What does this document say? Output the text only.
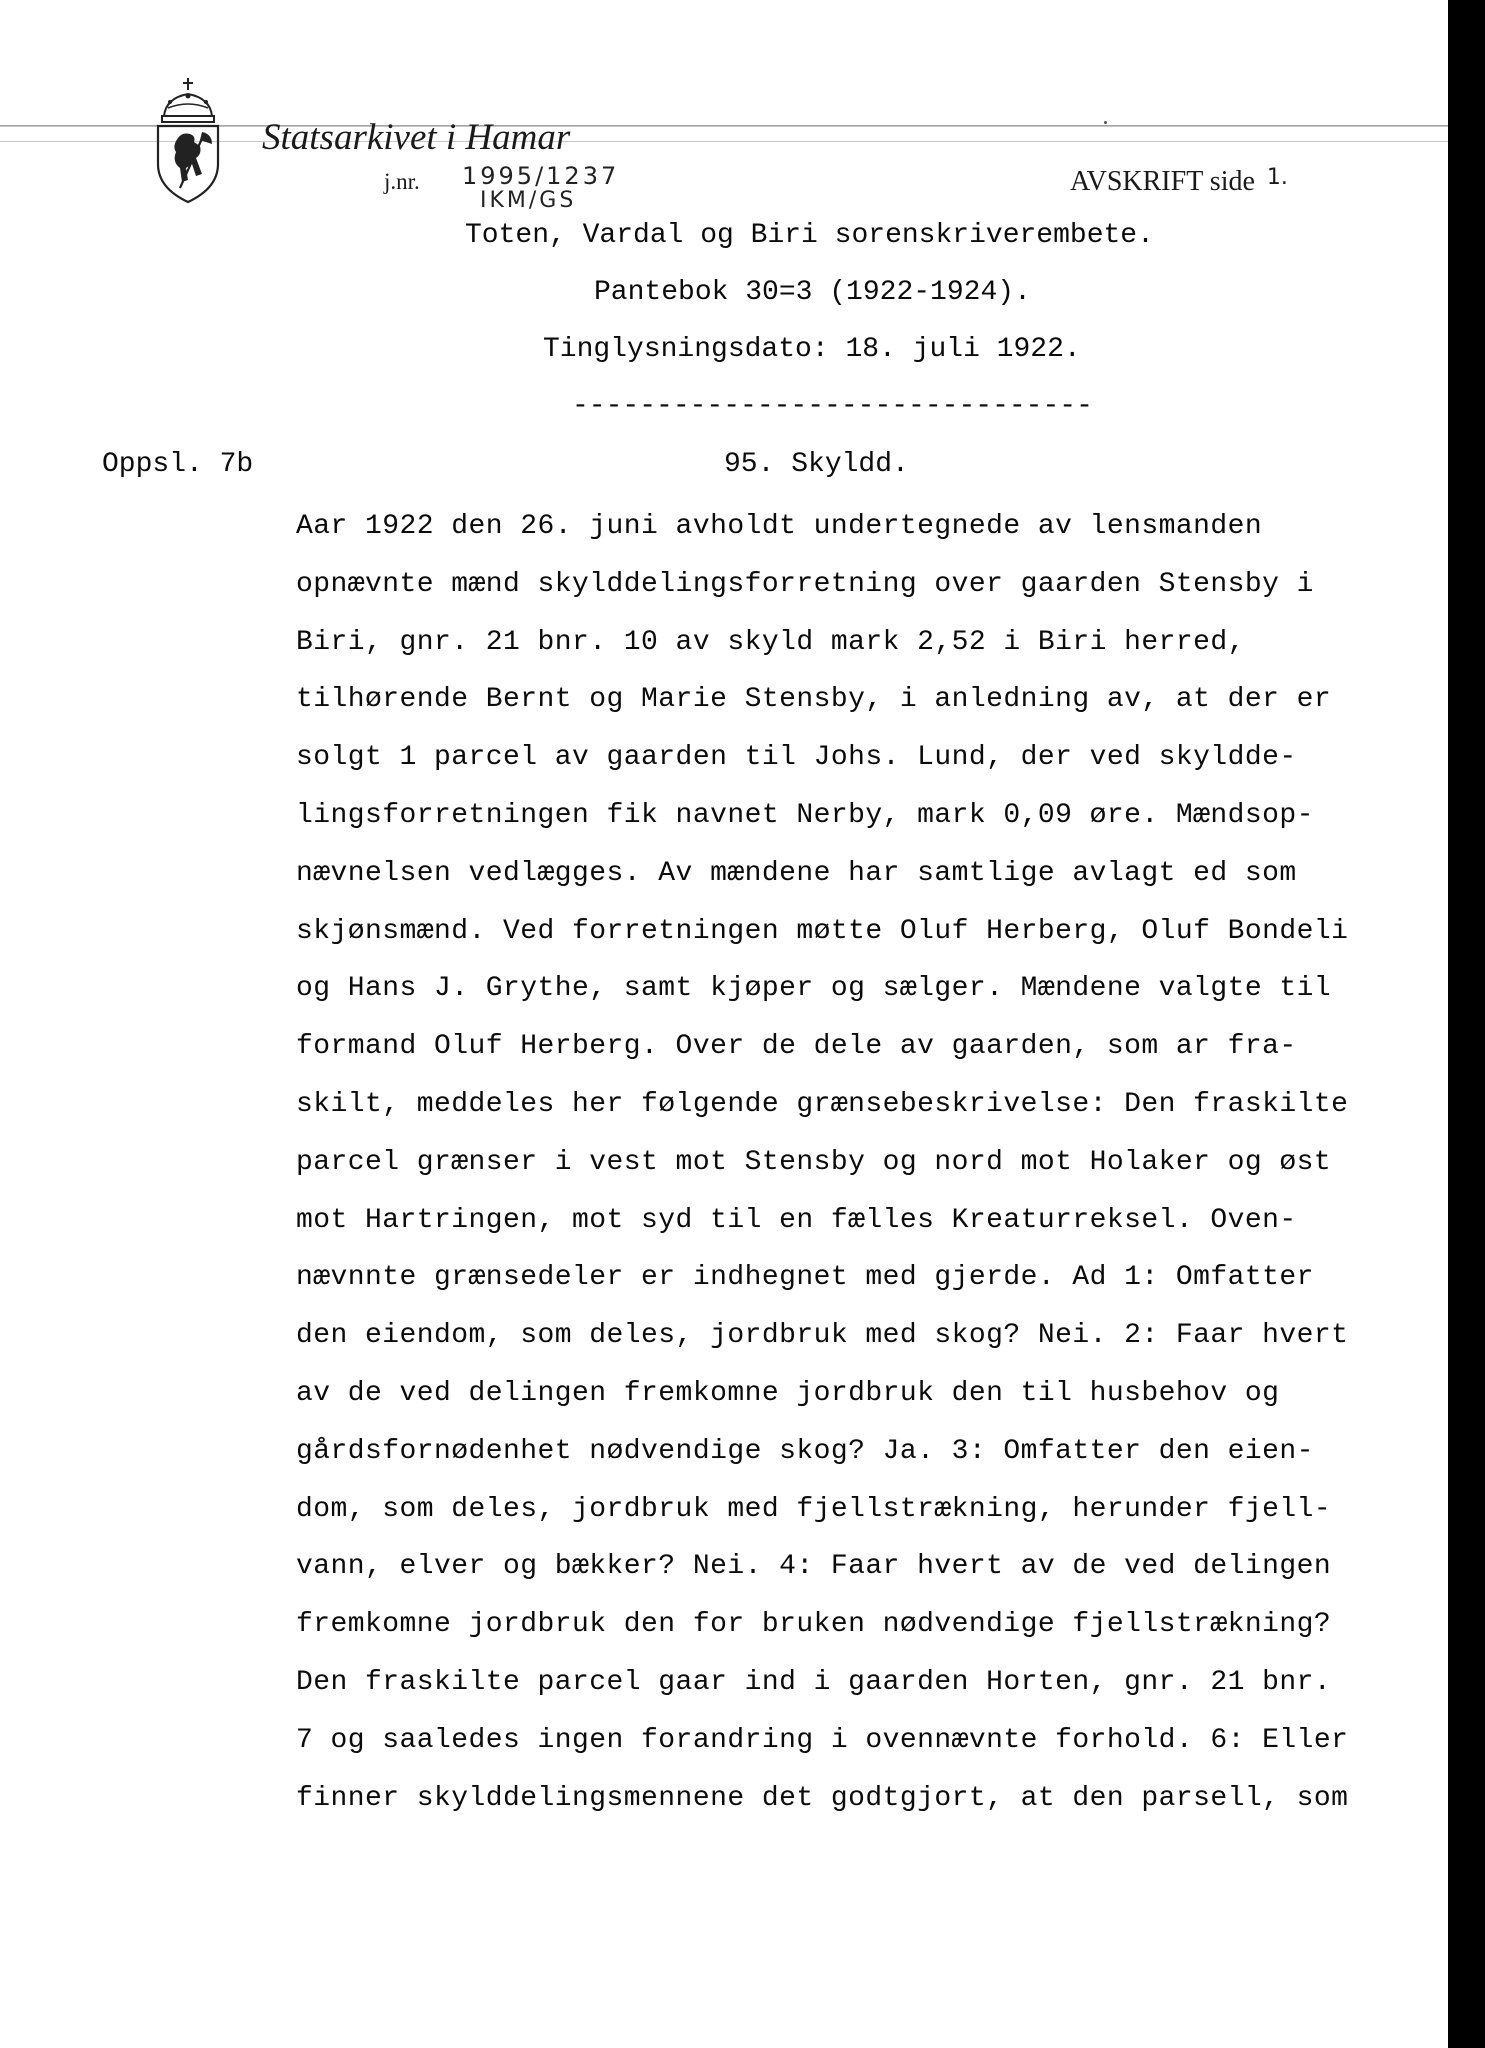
Statsarkivet i Hamar
j.nr. 1995/1237
IKM/GS
AVSKRIFT side $^{1.}$
Toten, Vardal og Biri sorenskriverembete.
Pantebok 30=3 (1922-1924).
Tinglysningsdato: 18. juli 1922.
-------------------------------
Oppsl. 7b	95. Skyldd.
Aar 1922 den 26. juni avholdt undertegnede av lensmanden
opnævnte mænd skylddelingsforretning over gaarden Stensby i
Biri, gnr. 21 bnr. 10 av skyld mark 2,52 i Biri herred,
tilhørende Bernt og Marie Stensby, i anledning av, at der er
solgt 1 parcel av gaarden til Johs. Lund, der ved skyldde-
lingsforretningen fik navnet Nerby, mark 0,09 øre. Mændsop-
nævnelsen vedlægges. Av mændene har samtlige avlagt ed som
skjønsmænd. Ved forretningen møtte Oluf Herberg, Oluf Bondeli
og Hans J. Grythe, samt kjøper og sælger. Mændene valgte til
formand Oluf Herberg. Over de dele av gaarden, som ar fra-
skilt, meddeles her følgende grænsebeskrivelse: Den fraskilte
parcel grænser i vest mot Stensby og nord mot Holaker og øst
mot Hartringen, mot syd til en fælles Kreaturreksel. Oven-
nævnnte grænsedeler er indhegnet med gjerde. Ad 1: Omfatter
den eiendom, som deles, jordbruk med skog? Nei. 2: Faar hvert
av de ved delingen fremkomne jordbruk den til husbehov og
gårdsfornødenhet nødvendige skog? Ja. 3: Omfatter den eien-
dom, som deles, jordbruk med fjellstrækning, herunder fjell-
vann, elver og bækker? Nei. 4: Faar hvert av de ved delingen
fremkomne jordbruk den for bruken nødvendige fjellstrækning?
Den fraskilte parcel gaar ind i gaarden Horten, gnr. 21 bnr.
7 og saaledes ingen forandring i ovennævnte forhold. 6: Eller
finner skylddelingsmennene det godtgjort, at den parsell, som
